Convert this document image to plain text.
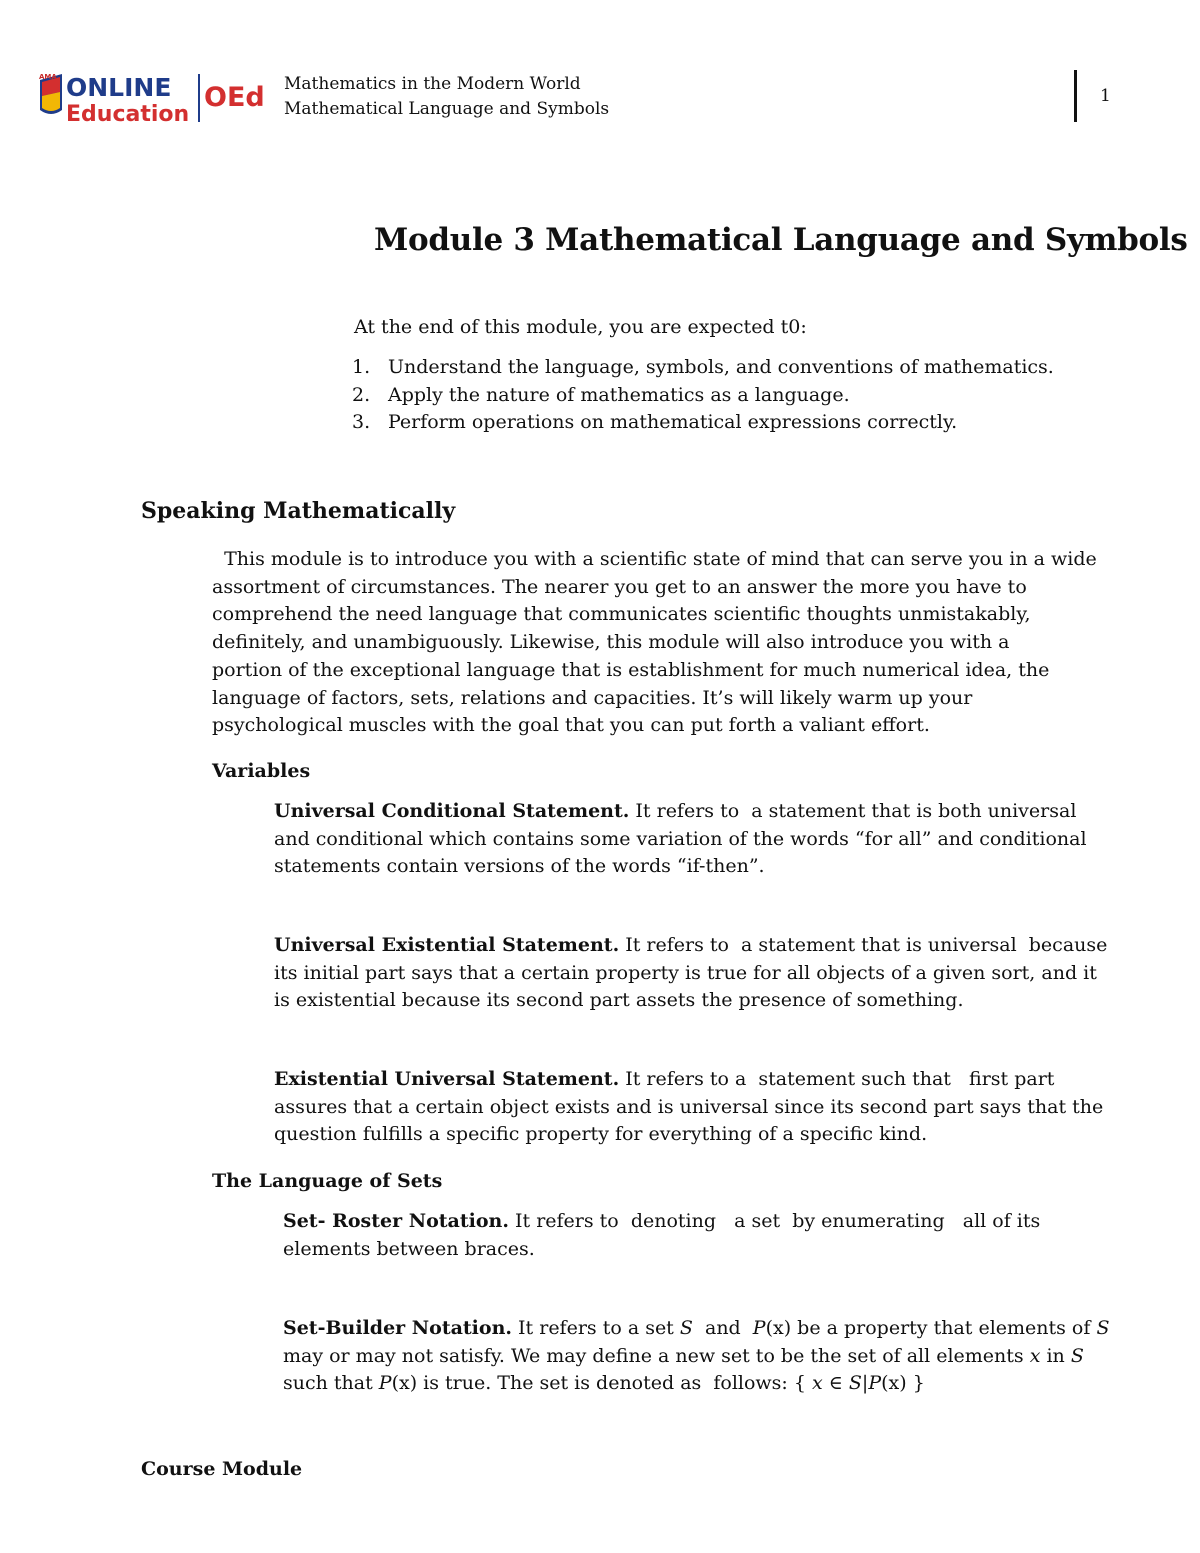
AMA ONLINE
Education
OEd Mathematics in the Modern World
Mathematical Language and Symbols
1
Module 3 Mathematical Language and Symbols
At the end of this module, you are expected t0:
1. Understand the language, symbols, and conventions of mathematics.
2. Apply the nature of mathematics as a language.
3. Perform operations on mathematical expressions correctly.
Speaking Mathematically
This module is to introduce you with a scientific state of mind that can serve you in a wide
assortment of circumstances. The nearer you get to an answer the more you have to
comprehend the need language that communicates scientific thoughts unmistakably,
definitely, and unambiguously. Likewise, this module will also introduce you with a
portion of the exceptional language that is establishment for much numerical idea, the
language of factors, sets, relations and capacities. It’s will likely warm up your
psychological muscles with the goal that you can put forth a valiant effort.
Variables
Universal Conditional Statement. It refers to  a statement that is both universal
and conditional which contains some variation of the words “for all” and conditional
statements contain versions of the words “if-then”.
Universal Existential Statement. It refers to  a statement that is universal  because
its initial part says that a certain property is true for all objects of a given sort, and it
is existential because its second part assets the presence of something.
Existential Universal Statement. It refers to a  statement such that   first part
assures that a certain object exists and is universal since its second part says that the
question fulfills a specific property for everything of a specific kind.
The Language of Sets
Set- Roster Notation. It refers to  denoting   a set  by enumerating   all of its
elements between braces.
Set-Builder Notation. It refers to a set S  and  P(x) be a property that elements of S
may or may not satisfy. We may define a new set to be the set of all elements x in S
such that P(x) is true. The set is denoted as  follows: { x ∈ S|P(x) }
Course Module
